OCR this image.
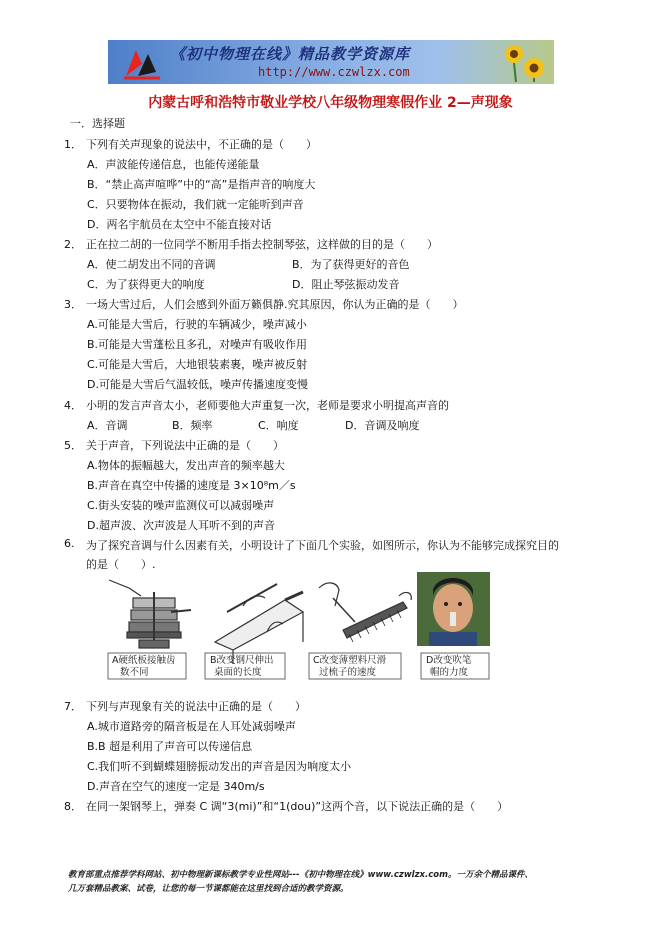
《初中物理在线》精品教学资源库
http://www.czwlzx.com
内蒙古呼和浩特市敬业学校八年级物理寒假作业 2—声现象
一．选择题
1． 下列有关声现象的说法中，不正确的是（　　）
A．声波能传递信息，也能传递能量
B．“禁止高声喧哗”中的“高”是指声音的响度大
C．只要物体在振动，我们就一定能听到声音
D．两名宇航员在太空中不能直接对话
2． 正在拉二胡的一位同学不断用手指去控制琴弦，这样做的目的是（　　）
A．使二胡发出不同的音调	B．为了获得更好的音色
C．为了获得更大的响度	D．阻止琴弦振动发音
3． 一场大雪过后，人们会感到外面万籁俱静.究其原因，你认为正确的是（　　）
A.可能是大雪后，行驶的车辆减少，噪声减小
B.可能是大雪蓬松且多孔，对噪声有吸收作用
C.可能是大雪后，大地银装素裹，噪声被反射
D.可能是大雪后气温较低，噪声传播速度变慢
4． 小明的发言声音太小，老师要他大声重复一次，老师是要求小明提高声音的
A．音调	B．频率	C．响度	D．音调及响度
5． 关于声音，下列说法中正确的是（　　）
A.物体的振幅越大，发出声音的频率越大
B.声音在真空中传播的速度是 3×10⁸m／s
C.街头安装的噪声监测仪可以减弱噪声
D.超声波、次声波是人耳听不到的声音
6. 为了探究音调与什么因素有关，小明设计了下面几个实验，如图所示，你认为不能够完成探究目的
的是（　　）.
A硬纸板接触齿
数不同
B改变钢尺伸出
桌面的长度
C改变薄塑料尺滑
过梳子的速度
D改变吹笔
帽的力度
7． 下列与声现象有关的说法中正确的是（　　）
A.城市道路旁的隔音板是在人耳处减弱噪声
B.B 超是利用了声音可以传递信息
C.我们听不到蝴蝶翅膀振动发出的声音是因为响度太小
D.声音在空气的速度一定是 340m/s
8． 在同一架钢琴上，弹奏 C 调“3(mi)”和“1(dou)”这两个音，以下说法正确的是（　　）
教育部重点推荐学科网站、初中物理新课标教学专业性网站---《初中物理在线》www.czwlzx.com。一万余个精品课件、
几万套精品教案、试卷，让您的每一节课都能在这里找到合适的教学资源。
